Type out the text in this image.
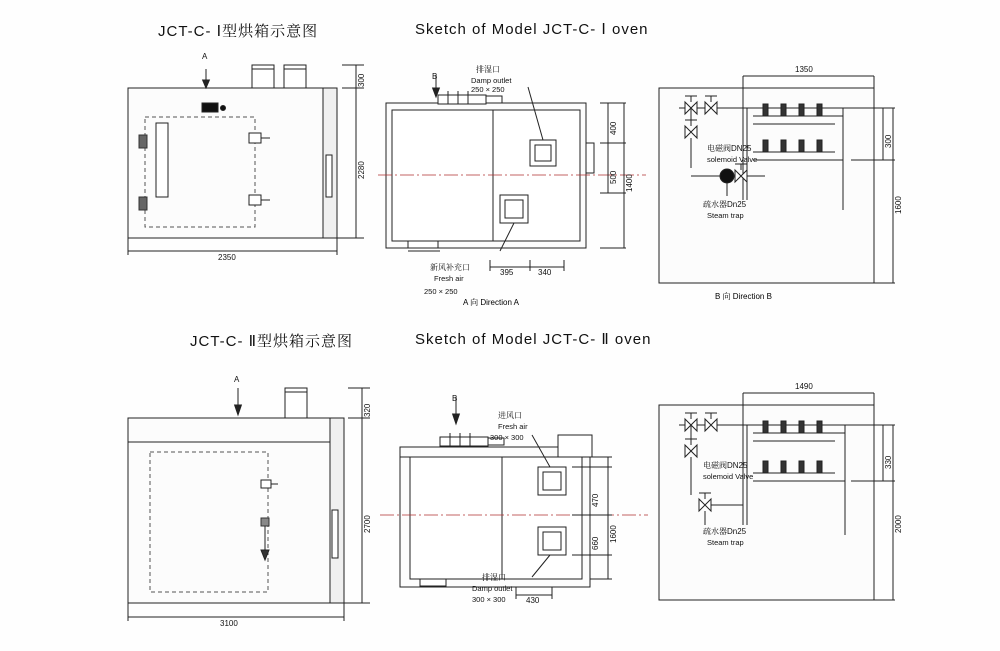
JCT-C- Ⅰ型烘箱示意图	Sketch of Model JCT-C- Ⅰ oven
A
300
2280
2350
B
排湿口
Damp outlet
250 × 250
新风补充口
Fresh air
250 × 250
400
500 1400
395	340
A 向 Direction A
电磁阀DN25
solemoid Valve
疏水器Dn25
Steam trap
1350
300
1600
B 向 Direction B
JCT-C- Ⅱ型烘箱示意图	Sketch of Model JCT-C- Ⅱ oven
A
320
2700
3100
B
进风口
Fresh air
300 × 300
排湿口
Damp outlet
300 × 300
470
660
1600
430
电磁阀DN25
solemoid Valve
疏水器Dn25
Steam trap
1490
330
2000
